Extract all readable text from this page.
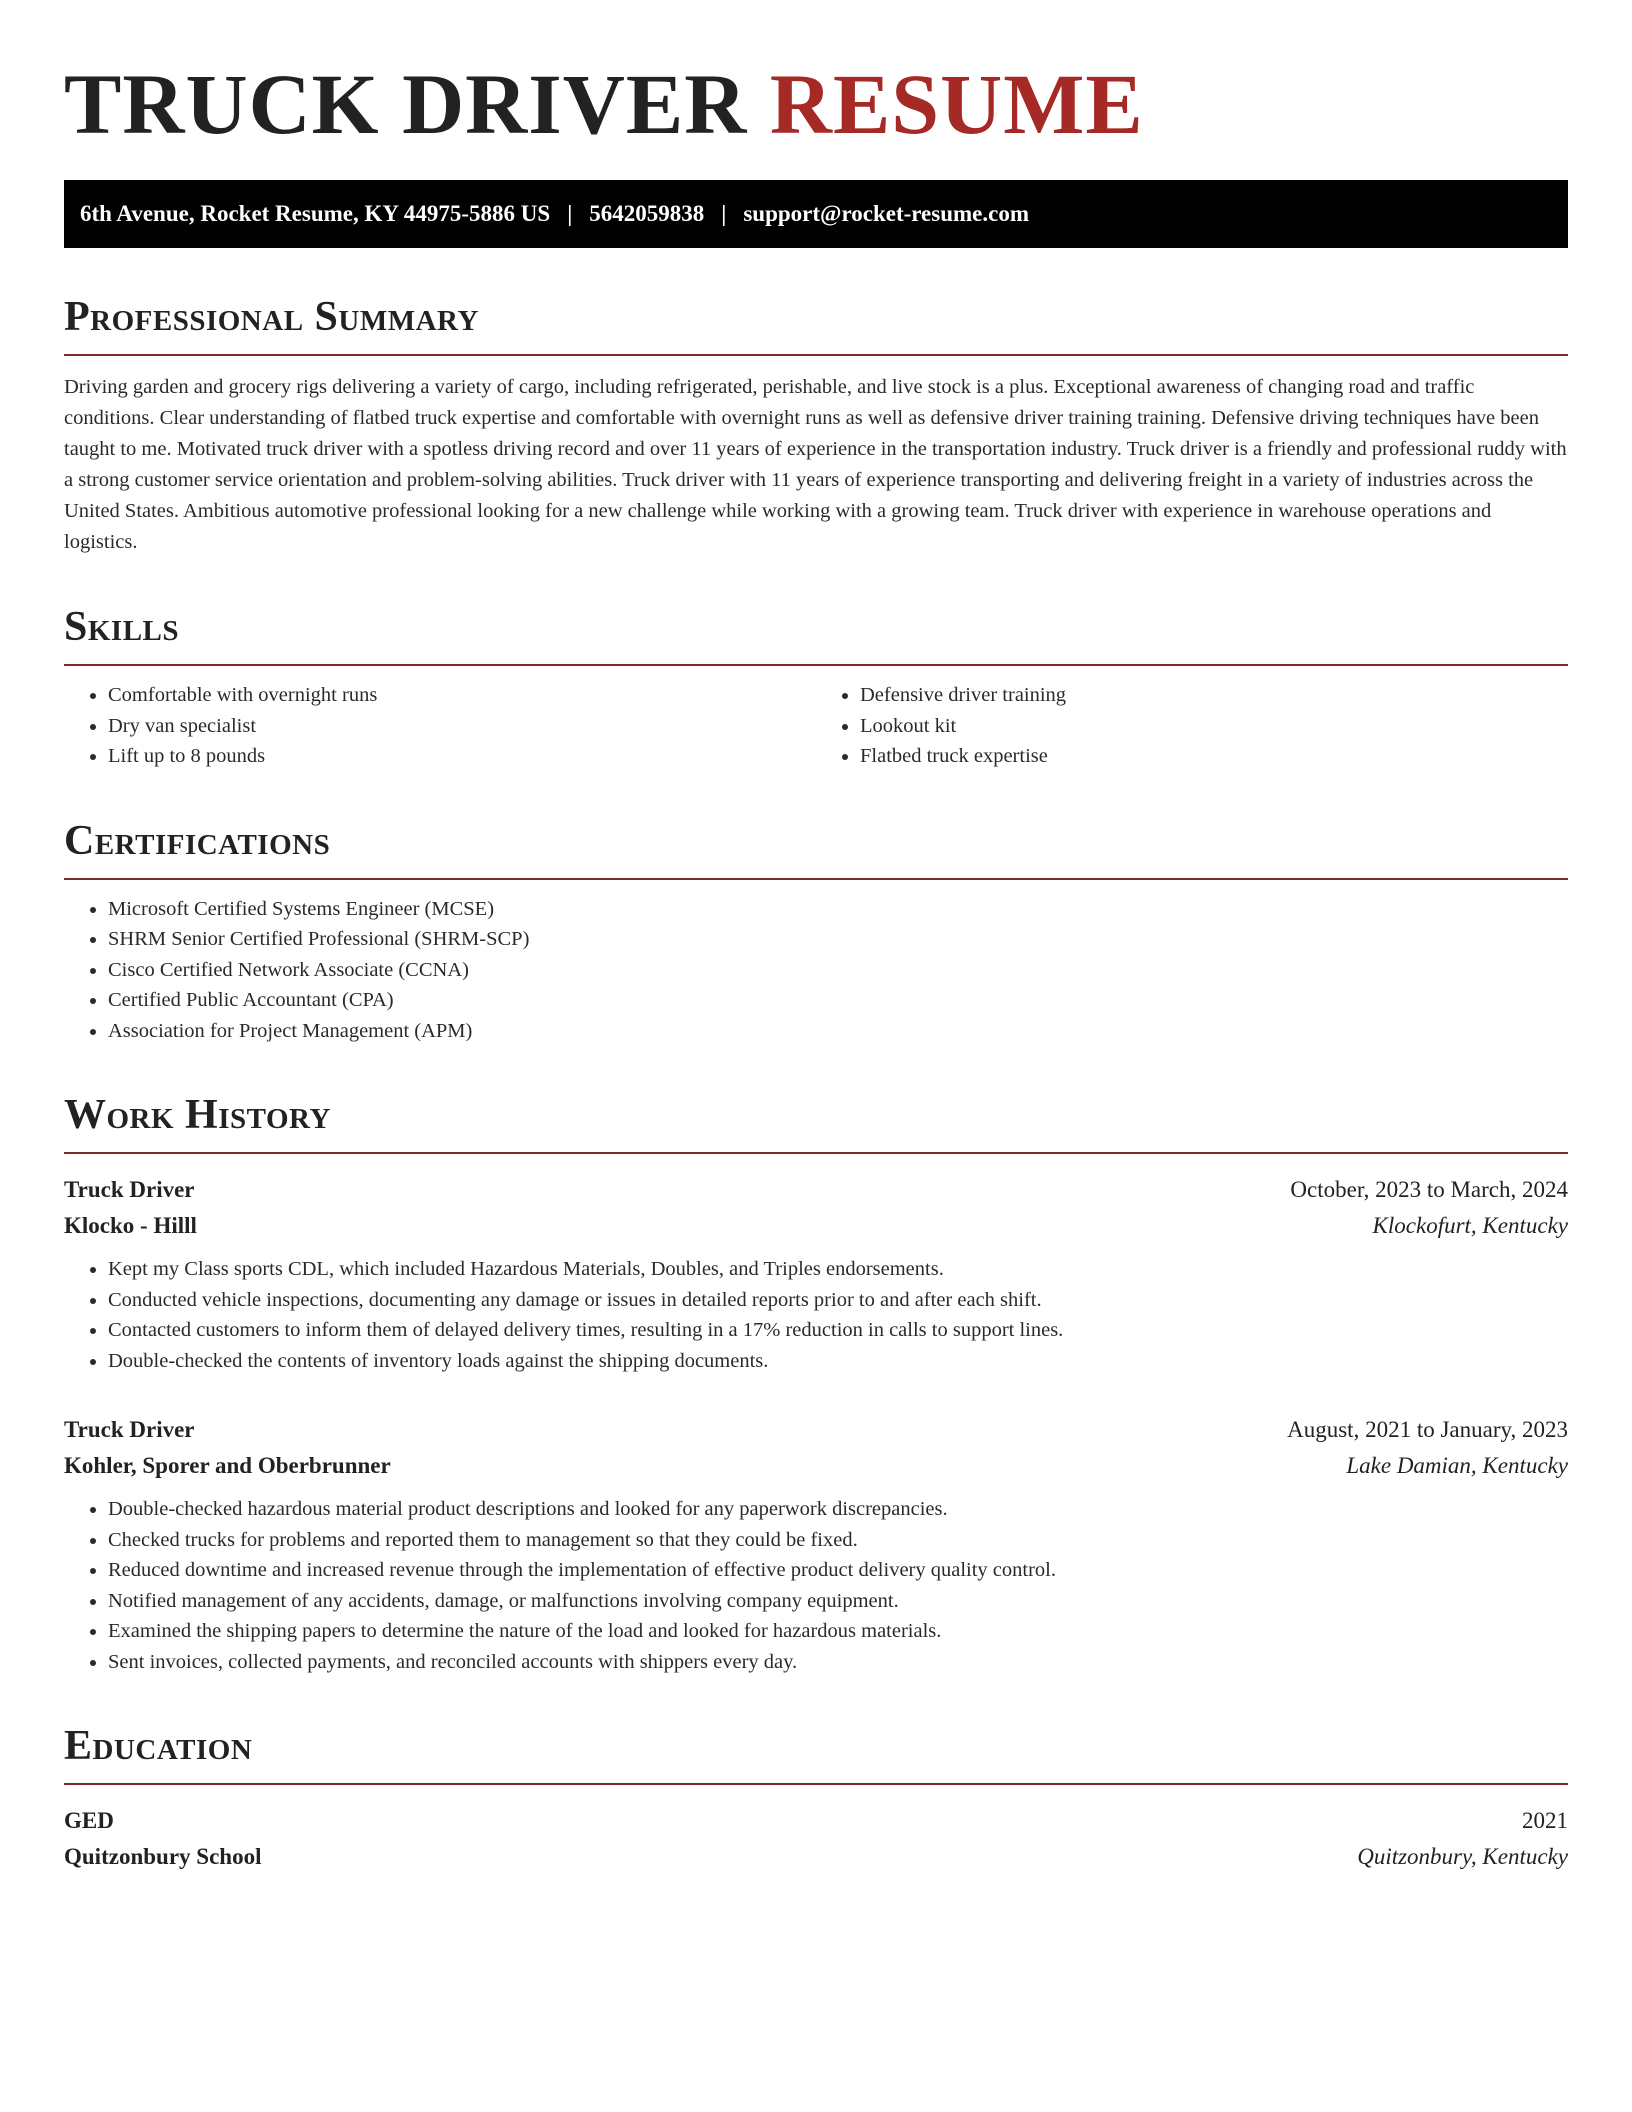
TRUCK DRIVER RESUME
6th Avenue, Rocket Resume, KY 44975-5886 US | 5642059838 | support@rocket-resume.com
Professional Summary

Driving garden and grocery rigs delivering a variety of cargo, including refrigerated, perishable, and live stock is a plus. Exceptional awareness of changing road and traffic conditions. Clear understanding of flatbed truck expertise and comfortable with overnight runs as well as defensive driver training training. Defensive driving techniques have been taught to me. Motivated truck driver with a spotless driving record and over 11 years of experience in the transportation industry. Truck driver is a friendly and professional ruddy with a strong customer service orientation and problem-solving abilities. Truck driver with 11 years of experience transporting and delivering freight in a variety of industries across the United States. Ambitious automotive professional looking for a new challenge while working with a growing team. Truck driver with experience in warehouse operations and logistics.

Skills
• Comfortable with overnight runs
• Dry van specialist
• Lift up to 8 pounds
• Defensive driver training
• Lookout kit
• Flatbed truck expertise
Certifications
• Microsoft Certified Systems Engineer (MCSE)
• SHRM Senior Certified Professional (SHRM-SCP)
• Cisco Certified Network Associate (CCNA)
• Certified Public Accountant (CPA)
• Association for Project Management (APM)
Work History
Truck Driver	October, 2023 to March, 2024
Klocko - Hilll	Klockofurt, Kentucky
• Kept my Class sports CDL, which included Hazardous Materials, Doubles, and Triples endorsements.
• Conducted vehicle inspections, documenting any damage or issues in detailed reports prior to and after each shift.
• Contacted customers to inform them of delayed delivery times, resulting in a 17% reduction in calls to support lines.
• Double-checked the contents of inventory loads against the shipping documents.
Truck Driver	August, 2021 to January, 2023
Kohler, Sporer and Oberbrunner	Lake Damian, Kentucky
• Double-checked hazardous material product descriptions and looked for any paperwork discrepancies.
• Checked trucks for problems and reported them to management so that they could be fixed.
• Reduced downtime and increased revenue through the implementation of effective product delivery quality control.
• Notified management of any accidents, damage, or malfunctions involving company equipment.
• Examined the shipping papers to determine the nature of the load and looked for hazardous materials.
• Sent invoices, collected payments, and reconciled accounts with shippers every day.
Education
GED	2021
Quitzonbury School	Quitzonbury, Kentucky
